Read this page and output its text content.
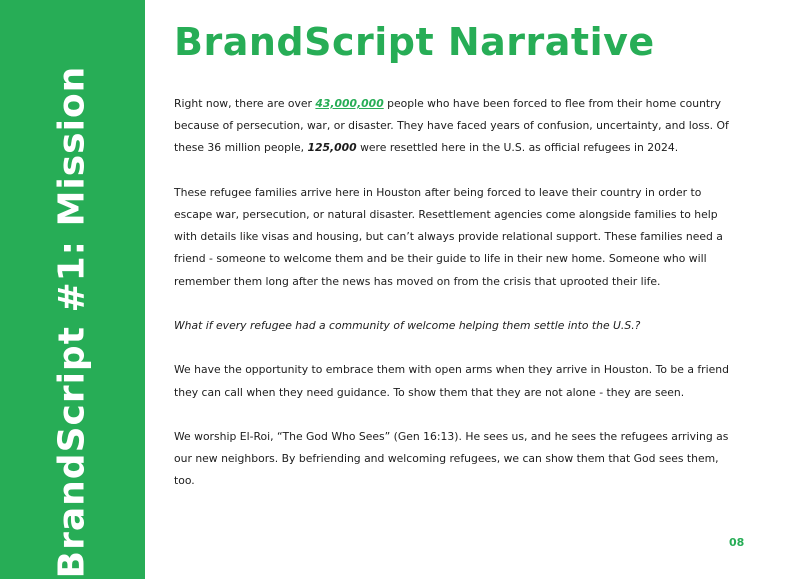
BrandScript #1: Mission
BrandScript Narrative

Right now, there are over 43,000,000 people who have been forced to flee from their home country because of persecution, war, or disaster. They have faced years of confusion, uncertainty, and loss. Of these 36 million people, 125,000 were resettled here in the U.S. as official refugees in 2024.

These refugee families arrive here in Houston after being forced to leave their country in order to escape war, persecution, or natural disaster. Resettlement agencies come alongside families to help with details like visas and housing, but can’t always provide relational support. These families need a friend - someone to welcome them and be their guide to life in their new home. Someone who will remember them long after the news has moved on from the crisis that uprooted their life.

What if every refugee had a community of welcome helping them settle into the U.S.?

We have the opportunity to embrace them with open arms when they arrive in Houston. To be a friend they can call when they need guidance. To show them that they are not alone - they are seen.

We worship El-Roi, “The God Who Sees” (Gen 16:13). He sees us, and he sees the refugees arriving as our new neighbors. By befriending and welcoming refugees, we can show them that God sees them, too.

08
